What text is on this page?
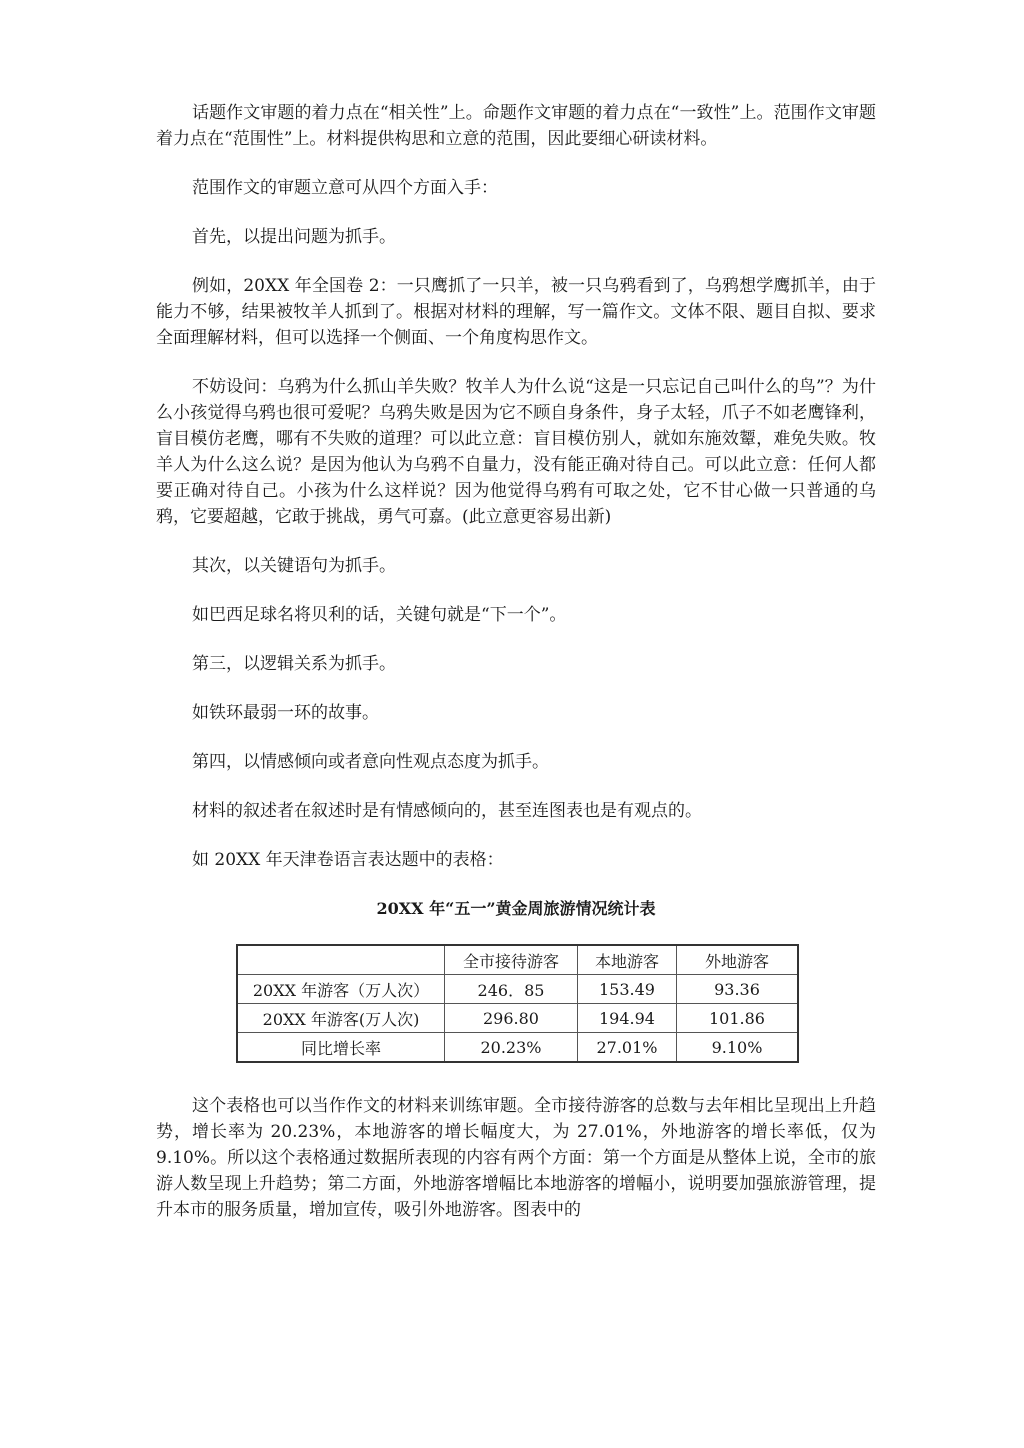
话题作文审题的着力点在“相关性”上。命题作文审题的着力点在“一致性”上。范围作文审题着力点在“范围性”上。材料提供构思和立意的范围，因此要细心研读材料。

范围作文的审题立意可从四个方面入手：

首先，以提出问题为抓手。

例如，20XX 年全国卷 2：一只鹰抓了一只羊，被一只乌鸦看到了，乌鸦想学鹰抓羊，由于能力不够，结果被牧羊人抓到了。根据对材料的理解，写一篇作文。文体不限、题目自拟、要求全面理解材料，但可以选择一个侧面、一个角度构思作文。

不妨设问：乌鸦为什么抓山羊失败？牧羊人为什么说“这是一只忘记自己叫什么的鸟”？为什么小孩觉得乌鸦也很可爱呢？乌鸦失败是因为它不顾自身条件，身子太轻，爪子不如老鹰锋利，盲目模仿老鹰，哪有不失败的道理？可以此立意：盲目模仿别人，就如东施效颦，难免失败。牧羊人为什么这么说？是因为他认为乌鸦不自量力，没有能正确对待自己。可以此立意：任何人都要正确对待自己。小孩为什么这样说？因为他觉得乌鸦有可取之处，它不甘心做一只普通的乌鸦，它要超越，它敢于挑战，勇气可嘉。(此立意更容易出新)

其次，以关键语句为抓手。

如巴西足球名将贝利的话，关键句就是“下一个”。

第三，以逻辑关系为抓手。

如铁环最弱一环的故事。

第四，以情感倾向或者意向性观点态度为抓手。

材料的叙述者在叙述时是有情感倾向的，甚至连图表也是有观点的。

如 20XX 年天津卷语言表达题中的表格：

20XX 年“五一”黄金周旅游情况统计表

	全市接待游客	本地游客	外地游客
20XX 年游客（万人次）	246．85	153.49	93.36
20XX 年游客(万人次)	296.80	194.94	101.86
同比增长率	20.23%	27.01%	9.10%

这个表格也可以当作作文的材料来训练审题。全市接待游客的总数与去年相比呈现出上升趋势，增长率为 20.23%，本地游客的增长幅度大，为 27.01%，外地游客的增长率低，仅为 9.10%。所以这个表格通过数据所表现的内容有两个方面：第一个方面是从整体上说，全市的旅游人数呈现上升趋势；第二方面，外地游客增幅比本地游客的增幅小，说明要加强旅游管理，提升本市的服务质量，增加宣传，吸引外地游客。图表中的
